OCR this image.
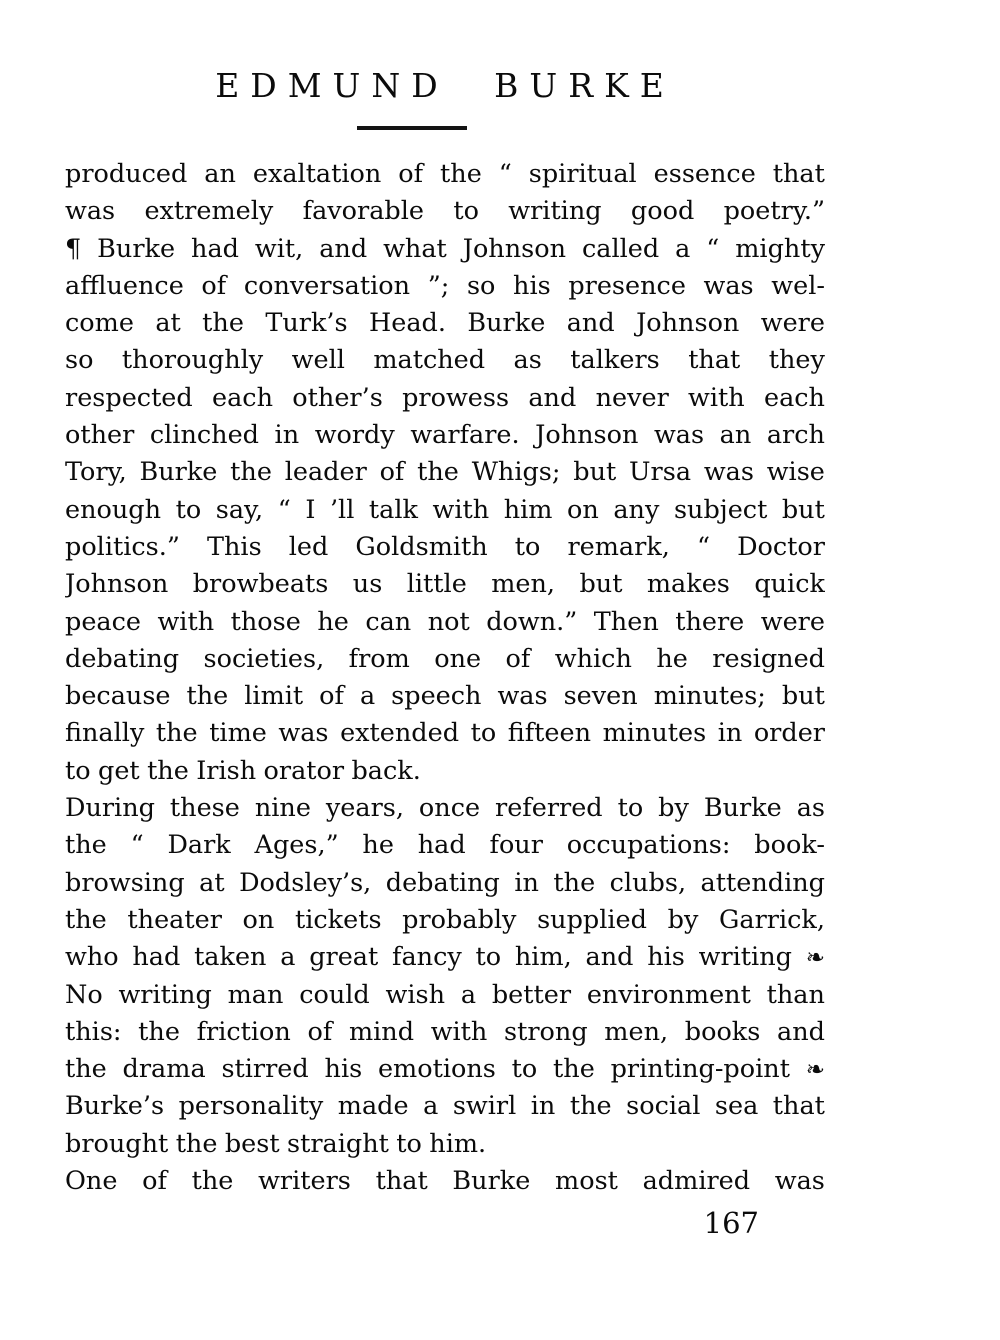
EDMUND BURKE
produced an exaltation of the “ spiritual essence that
was extremely favorable to writing good poetry.”
¶ Burke had wit, and what Johnson called a “ mighty
affluence of conversation ”; so his presence was wel-
come at the Turk’s Head. Burke and Johnson were
so thoroughly well matched as talkers that they
respected each other’s prowess and never with each
other clinched in wordy warfare. Johnson was an arch
Tory, Burke the leader of the Whigs; but Ursa was wise
enough to say, “ I ’ll talk with him on any subject but
politics.” This led Goldsmith to remark, “ Doctor
Johnson browbeats us little men, but makes quick
peace with those he can not down.” Then there were
debating societies, from one of which he resigned
because the limit of a speech was seven minutes; but
finally the time was extended to fifteen minutes in order
to get the Irish orator back.
During these nine years, once referred to by Burke as
the “ Dark Ages,” he had four occupations: book-
browsing at Dodsley’s, debating in the clubs, attending
the theater on tickets probably supplied by Garrick,
who had taken a great fancy to him, and his writing ❧
No writing man could wish a better environment than
this: the friction of mind with strong men, books and
the drama stirred his emotions to the printing-point ❧
Burke’s personality made a swirl in the social sea that
brought the best straight to him.
One of the writers that Burke most admired was
167
